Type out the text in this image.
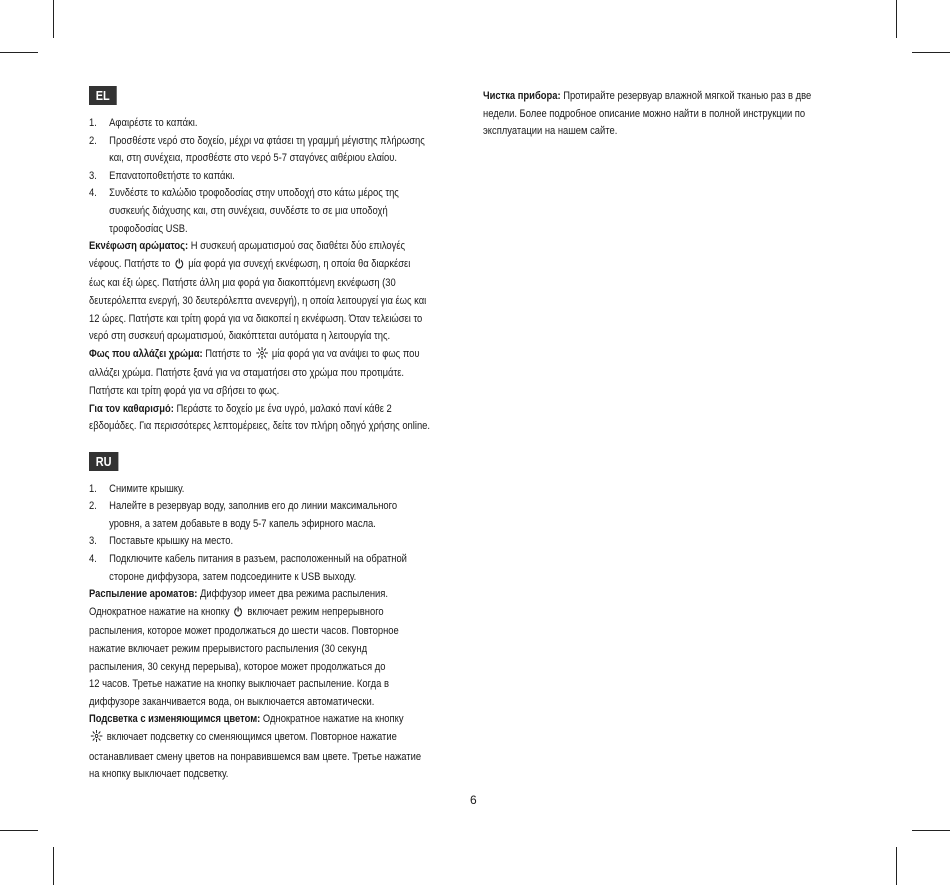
EL
1. Αφαιρέστε το καπάκι.
2. Προσθέστε νερό στο δοχείο, μέχρι να φτάσει τη γραμμή μέγιστης πλήρωσης
και, στη συνέχεια, προσθέστε στο νερό 5-7 σταγόνες αιθέριου ελαίου.
3. Επανατοποθετήστε το καπάκι.
4. Συνδέστε το καλώδιο τροφοδοσίας στην υποδοχή στο κάτω μέρος της
συσκευής διάχυσης και, στη συνέχεια, συνδέστε το σε μια υποδοχή
τροφοδοσίας USB.
Εκνέφωση αρώματος: Η συσκευή αρωματισμού σας διαθέτει δύο επιλογές
νέφους. Πατήστε το μία φορά για συνεχή εκνέφωση, η οποία θα διαρκέσει
έως και έξι ώρες. Πατήστε άλλη μια φορά για διακοπτόμενη εκνέφωση (30
δευτερόλεπτα ενεργή, 30 δευτερόλεπτα ανενεργή), η οποία λειτουργεί για έως και
12 ώρες. Πατήστε και τρίτη φορά για να διακοπεί η εκνέφωση. Όταν τελειώσει το
νερό στη συσκευή αρωματισμού, διακόπτεται αυτόματα η λειτουργία της.
Φως που αλλάζει χρώμα: Πατήστε το μία φορά για να ανάψει το φως που
αλλάζει χρώμα. Πατήστε ξανά για να σταματήσει στο χρώμα που προτιμάτε.
Πατήστε και τρίτη φορά για να σβήσει το φως.
Για τον καθαρισμό: Περάστε το δοχείο με ένα υγρό, μαλακό πανί κάθε 2
εβδομάδες. Για περισσότερες λεπτομέρειες, δείτε τον πλήρη οδηγό χρήσης online.
RU
1. Снимите крышку.
2. Налейте в резервуар воду, заполнив его до линии максимального
уровня, а затем добавьте в воду 5-7 капель эфирного масла.
3. Поставьте крышку на место.
4. Подключите кабель питания в разъем, расположенный на обратной
стороне диффузора, затем подсоедините к USB выходу.
Распыление ароматов: Диффузор имеет два режима распыления.
Однократное нажатие на кнопку включает режим непрерывного
распыления, которое может продолжаться до шести часов. Повторное
нажатие включает режим прерывистого распыления (30 секунд
распыления, 30 секунд перерыва), которое может продолжаться до
12 часов. Третье нажатие на кнопку выключает распыление. Когда в
диффузоре заканчивается вода, он выключается автоматически.
Подсветка с изменяющимся цветом: Однократное нажатие на кнопку
включает подсветку со сменяющимся цветом. Повторное нажатие
останавливает смену цветов на понравившемся вам цвете. Третье нажатие
на кнопку выключает подсветку.
Чистка прибора: Протирайте резервуар влажной мягкой тканью раз в две
недели. Более подробное описание можно найти в полной инструкции по
эксплуатации на нашем сайте.
6
